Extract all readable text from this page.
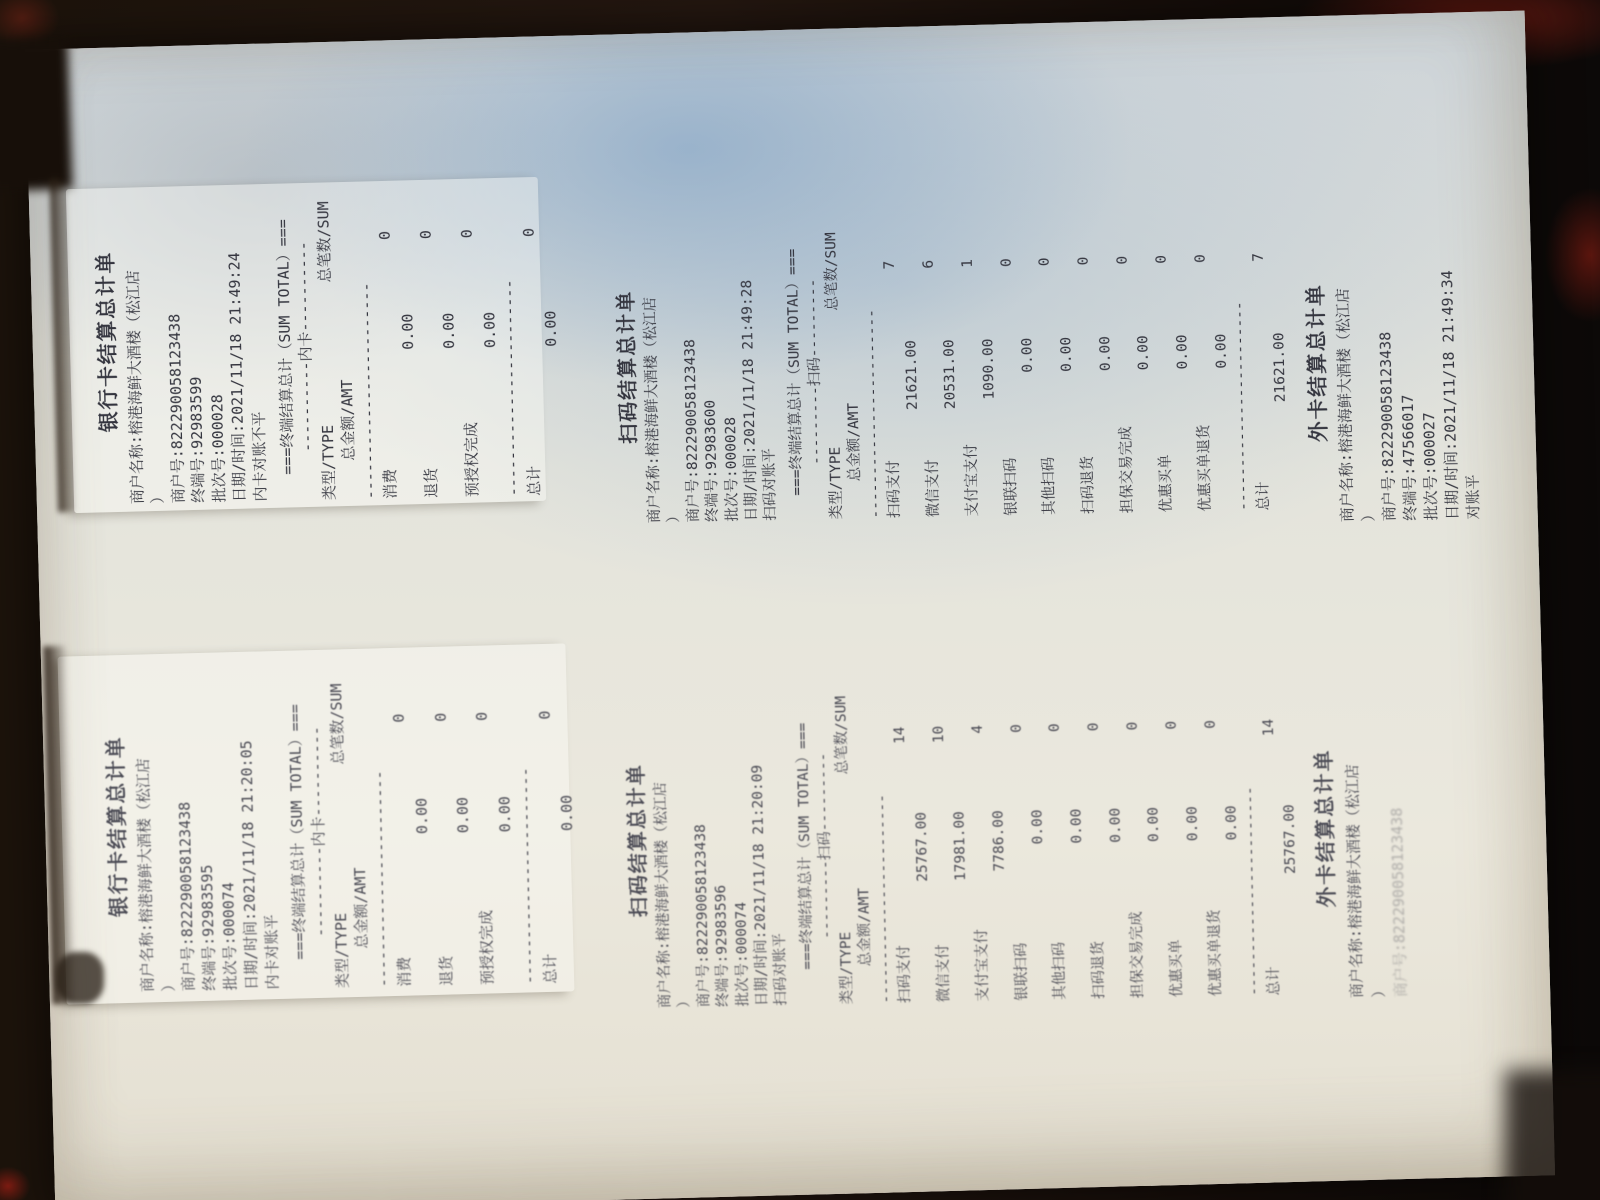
银行卡结算总计单 商户名称:榕港海鲜大酒楼（松江店 ）
商户号:822290058123438 终端号:92983599 批次号:000028
日期/时间:2021/11/18 21:49:24 内卡对账不平 ===终端结算总计（SUM TOTAL）===
----------内卡----------
类型/TYPE
总笔数/SUM
总金额/AMT
------------------------ 消费
0
0.00
退货
0
0.00
预授权完成
0
0.00 ------------------------ 总计
0
0.00	扫码结算总计单 商户名称:榕港海鲜大酒楼（松江店 ） 商户号:822290058123438 终端号:92983600 批次号:000028
日期/时间:2021/11/18 21:49:28 扫码对账平 ===终端结算总计（SUM TOTAL）===
---------扫码---------
类型/TYPE
总笔数/SUM
总金额/AMT ------------------------ 扫码支付
7
21621.00
微信支付
6
20531.00
支付宝支付
1
1090.00
银联扫码
0
0.00
其他扫码
0
0.00
扫码退货
0
0.00
担保交易完成
0
0.00
优惠买单
0
0.00
优惠买单退货
0
0.00 ------------------------ 总计
7
21621.00 外卡结算总计单 商户名称:榕港海鲜大酒楼（松江店 ） 商户号:822290058123438 终端号:47566017 批次号:000027
日期/时间:2021/11/18 21:49:34 对账平
银行卡结算总计单 商户名称:榕港海鲜大酒楼（松江店 ）
商户号:822290058123438 终端号:92983595 批次号:000074
日期/时间:2021/11/18 21:20:05 内卡对账平 ===终端结算总计（SUM TOTAL）===
----------内卡----------
类型/TYPE
总笔数/SUM
总金额/AMT ------------------------ 消费
0
0.00
退货
0
0.00
预授权完成
0
0.00 ------------------------ 总计
0
0.00 扫码结算总计单 商户名称:榕港海鲜大酒楼（松江店 ） 商户号:822290058123438 终端号:92983596 批次号:000074
日期/时间:2021/11/18 21:20:09 扫码对账平 ===终端结算总计（SUM TOTAL）===
---------扫码---------
类型/TYPE
总笔数/SUM
总金额/AMT ------------------------ 扫码支付
14
25767.00
微信支付
10
17981.00
支付宝支付
4
7786.00
银联扫码
0
0.00
其他扫码
0
0.00
扫码退货
0
0.00
担保交易完成
0
0.00
优惠买单
0
0.00
优惠买单退货
0
0.00 ------------------------ 总计
14
25767.00 外卡结算总计单 商户名称:榕港海鲜大酒楼（松江店 ） 商户号:822290058123438
